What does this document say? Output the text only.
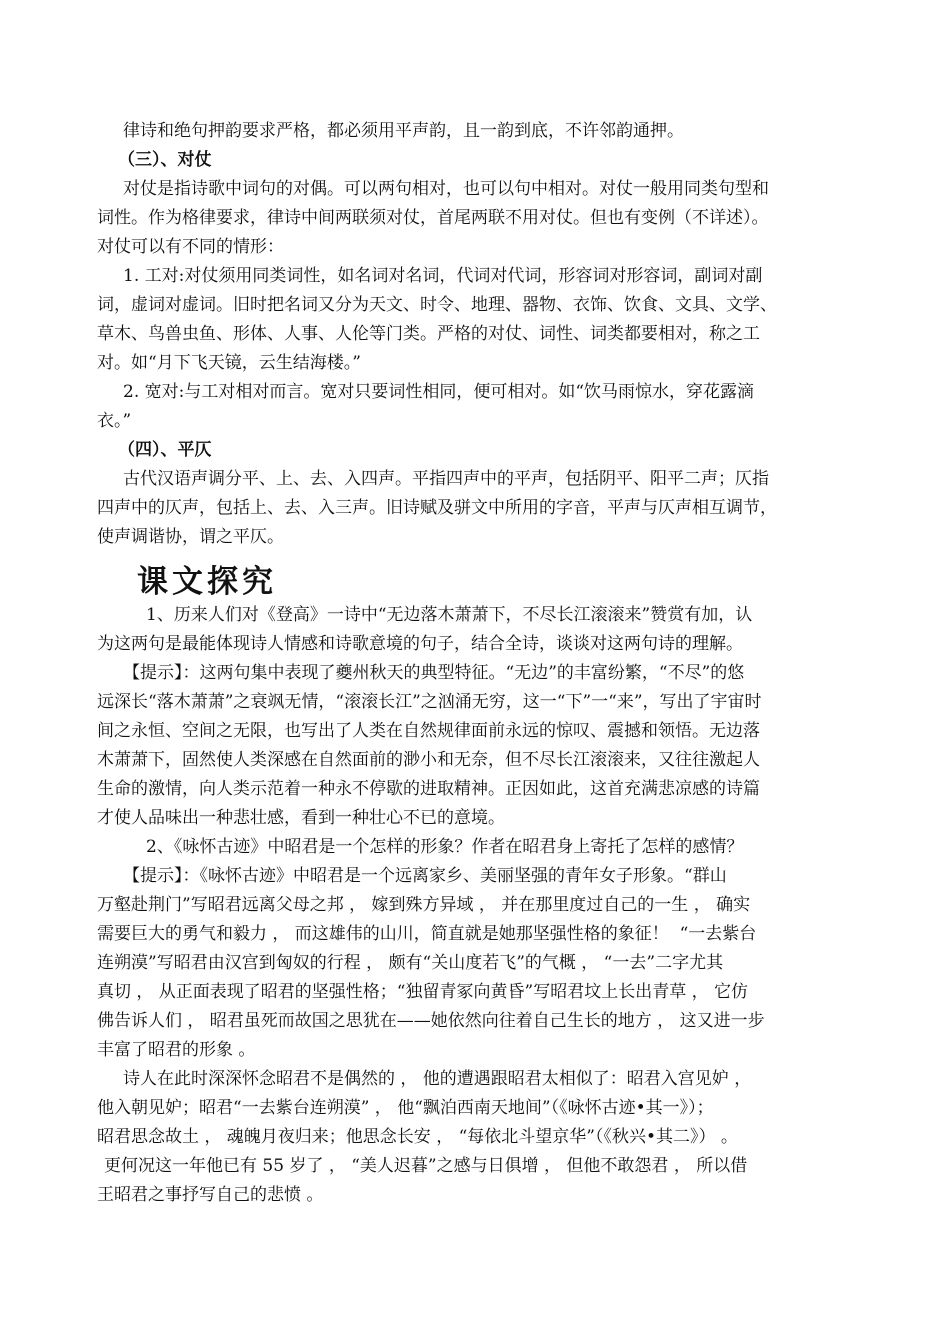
律诗和绝句押韵要求严格，都必须用平声韵，且一韵到底，不许邻韵通押。
（三）、对仗
对仗是指诗歌中词句的对偶。可以两句相对，也可以句中相对。对仗一般用同类句型和
词性。作为格律要求，律诗中间两联须对仗，首尾两联不用对仗。但也有变例（不详述）。
对仗可以有不同的情形：
1. 工对:对仗须用同类词性，如名词对名词，代词对代词，形容词对形容词，副词对副
词，虚词对虚词。旧时把名词又分为天文、时令、地理、器物、衣饰、饮食、文具、文学、
草木、鸟兽虫鱼、形体、人事、人伦等门类。严格的对仗、词性、词类都要相对，称之工
对。如“月下飞天镜，云生结海楼。”
2. 宽对:与工对相对而言。宽对只要词性相同，便可相对。如“饮马雨惊水，穿花露滴
衣。”
（四）、平仄
古代汉语声调分平、上、去、入四声。平指四声中的平声，包括阴平、阳平二声；仄指
四声中的仄声，包括上、去、入三声。旧诗赋及骈文中所用的字音，平声与仄声相互调节，
使声调谐协，谓之平仄。
课文探究
1、历来人们对《登高》一诗中“无边落木萧萧下，不尽长江滚滚来”赞赏有加，认
为这两句是最能体现诗人情感和诗歌意境的句子，结合全诗，谈谈对这两句诗的理解。
【提示】：这两句集中表现了夔州秋天的典型特征。“无边”的丰富纷繁，“不尽”的悠
远深长“落木萧萧”之衰飒无情，“滚滚长江”之汹涌无穷，这一“下”一“来”，写出了宇宙时
间之永恒、空间之无限，也写出了人类在自然规律面前永远的惊叹、震撼和领悟。无边落
木萧萧下，固然使人类深感在自然面前的渺小和无奈，但不尽长江滚滚来，又往往激起人
生命的激情，向人类示范着一种永不停歇的进取精神。正因如此，这首充满悲凉感的诗篇
才使人品味出一种悲壮感，看到一种壮心不已的意境。
2、《咏怀古迹》中昭君是一个怎样的形象？作者在昭君身上寄托了怎样的感情？
【提示】：《咏怀古迹》中昭君是一个远离家乡、美丽坚强的青年女子形象。“群山
万壑赴荆门”写昭君远离父母之邦 ， 嫁到殊方异域 ， 并在那里度过自己的一生 ， 确实
需要巨大的勇气和毅力 ， 而这雄伟的山川，简直就是她那坚强性格的象征！  “一去紫台
连朔漠”写昭君由汉宫到匈奴的行程 ， 颇有“关山度若飞”的气概 ， “一去”二字尤其
真切 ， 从正面表现了昭君的坚强性格；“独留青冢向黄昏”写昭君坟上长出青草 ， 它仿
佛告诉人们 ， 昭君虽死而故国之思犹在——她依然向往着自己生长的地方 ， 这又进一步
丰富了昭君的形象 。
诗人在此时深深怀念昭君不是偶然的 ， 他的遭遇跟昭君太相似了：昭君入宫见妒 ，
他入朝见妒；昭君“一去紫台连朔漠” ， 他“飘泊西南天地间”（《咏怀古迹•其一》）；
昭君思念故土 ， 魂魄月夜归来；他思念长安 ， “每依北斗望京华”（《秋兴•其二》） 。
更何况这一年他已有 55 岁了 ， “美人迟暮”之感与日俱增 ， 但他不敢怨君 ， 所以借
王昭君之事抒写自己的悲愤 。
